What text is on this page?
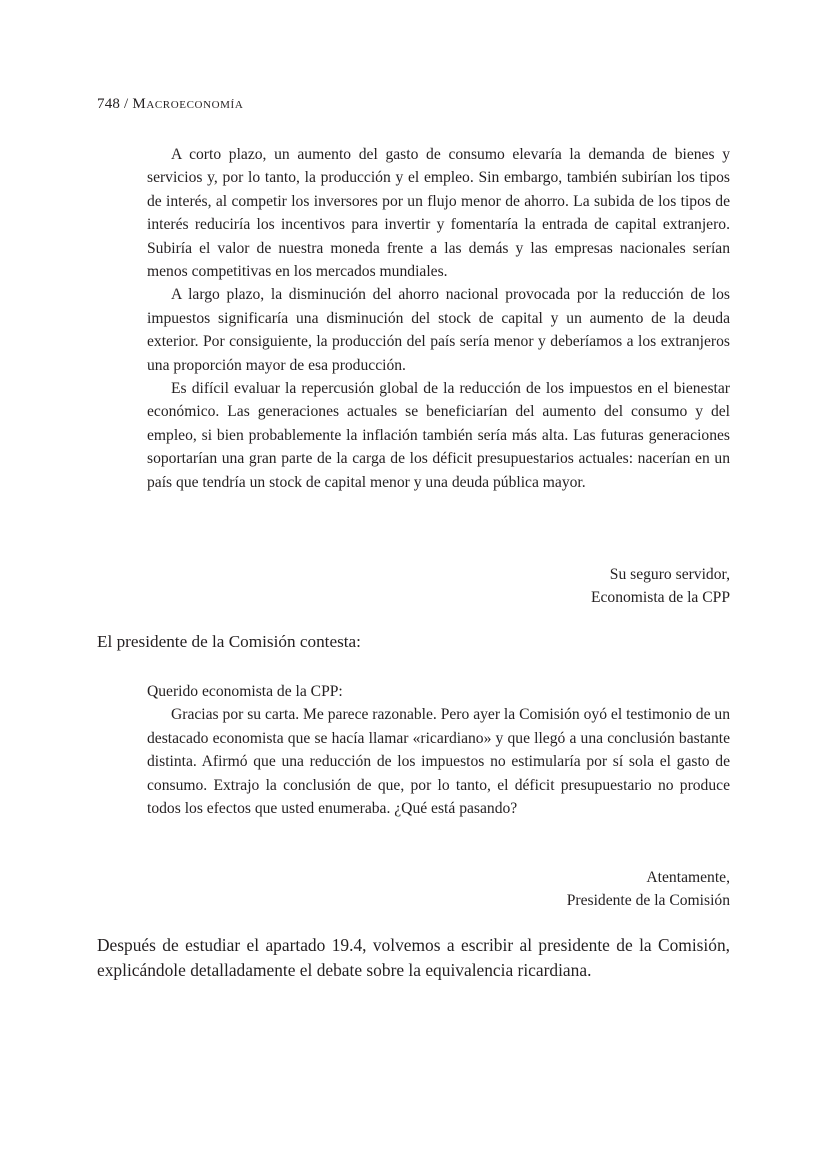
748 / Macroeconomía

A corto plazo, un aumento del gasto de consumo elevaría la demanda de bienes y servicios y, por lo tanto, la producción y el empleo. Sin embargo, también subirían los tipos de interés, al competir los inversores por un flujo menor de ahorro. La subida de los tipos de interés reduciría los incentivos para invertir y fomentaría la entrada de capital extranjero. Subiría el valor de nuestra moneda frente a las demás y las empresas nacionales serían menos competitivas en los mercados mundiales.

A largo plazo, la disminución del ahorro nacional provocada por la reducción de los impuestos significaría una disminución del stock de capital y un aumento de la deuda exterior. Por consiguiente, la producción del país sería menor y deberíamos a los extranjeros una proporción mayor de esa producción.

Es difícil evaluar la repercusión global de la reducción de los impuestos en el bienestar económico. Las generaciones actuales se beneficiarían del aumento del consumo y del empleo, si bien probablemente la inflación también sería más alta. Las futuras generaciones soportarían una gran parte de la carga de los déficit presupuestarios actuales: nacerían en un país que tendría un stock de capital menor y una deuda pública mayor.

Su seguro servidor,
Economista de la CPP
El presidente de la Comisión contesta:

Querido economista de la CPP:

Gracias por su carta. Me parece razonable. Pero ayer la Comisión oyó el testimonio de un destacado economista que se hacía llamar «ricardiano» y que llegó a una conclusión bastante distinta. Afirmó que una reducción de los impuestos no estimularía por sí sola el gasto de consumo. Extrajo la conclusión de que, por lo tanto, el déficit presupuestario no produce todos los efectos que usted enumeraba. ¿Qué está pasando?

Atentamente,
Presidente de la Comisión

Después de estudiar el apartado 19.4, volvemos a escribir al presidente de la Comisión, explicándole detalladamente el debate sobre la equivalencia ricardiana.
